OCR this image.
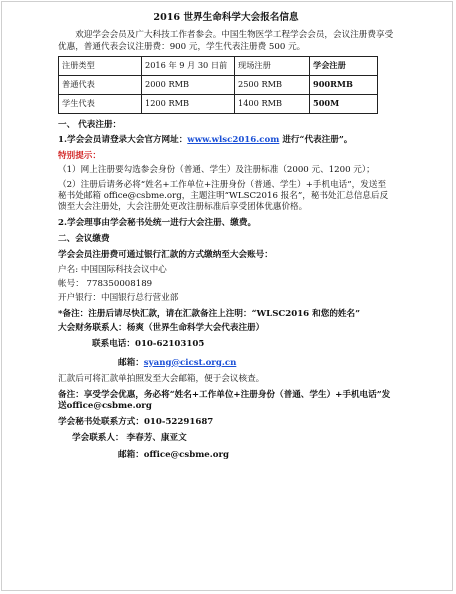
2016 世界生命科学大会报名信息

欢迎学会会员及广大科技工作者参会。中国生物医学工程学会会员，会议注册费享受优惠，普通代表会议注册费：900 元，学生代表注册费 500 元。

注册类型	2016 年 9 月 30 日前	现场注册	学会注册
普通代表	2000 RMB	2500 RMB	900RMB
学生代表	1200 RMB	1400 RMB	500M

一、 代表注册：

1.学会会员请登录大会官方网址：www.wlsc2016.com 进行“代表注册”。

特别提示：

（1）网上注册要勾选参会身份（普通、学生）及注册标准（2000 元、1200 元）；

（2）注册后请务必将“姓名+工作单位+注册身份（普通、学生）+手机电话”，发送至秘书处邮箱 office@csbme.org，主题注明“WLSC2016 报名”，秘书处汇总信息后反馈至大会注册处，大会注册处更改注册标准后享受团体优惠价格。

2.学会理事由学会秘书处统一进行大会注册、缴费。

二、会议缴费

学会会员注册费可通过银行汇款的方式缴纳至大会账号：

户名: 中国国际科技会议中心

帐号： 778350008189

开户银行：中国银行总行营业部

*备注：注册后请尽快汇款，请在汇款备注上注明：“WLSC2016 和您的姓名”

大会财务联系人：杨爽（世界生命科学大会代表注册）

联系电话：010-62103105

邮箱：syang@cicst.org.cn

汇款后可将汇款单拍照发至大会邮箱，便于会议核查。

备注：享受学会优惠，务必将“姓名+工作单位+注册身份（普通、学生）+手机电话”发送office@csbme.org

学会秘书处联系方式：010-52291687

学会联系人： 李春芳、康亚文

邮箱：office@csbme.org
